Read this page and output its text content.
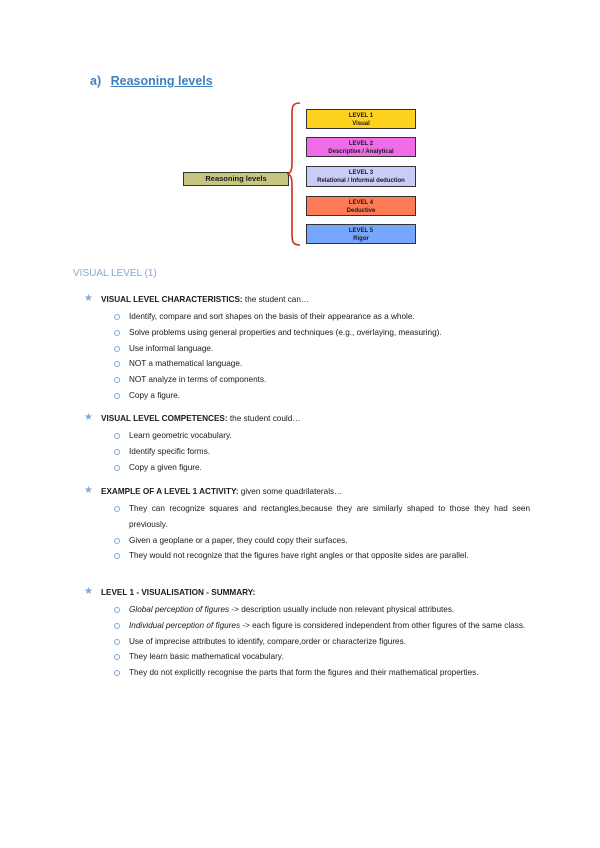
a) Reasoning levels
Reasoning levels
LEVEL 1
Visual
LEVEL 2
Descriptive / Analytical
LEVEL 3
Relational / Informal deduction
LEVEL 4
Deductive
LEVEL 5
Rigor
VISUAL LEVEL (1)
★ VISUAL LEVEL CHARACTERISTICS: the student can…
Identify, compare and sort shapes on the basis of their appearance as a whole.
Solve problems using general properties and techniques (e.g., overlaying, measuring).
Use informal language.
NOT a mathematical language.
NOT analyze in terms of components.
Copy a figure.
★ VISUAL LEVEL COMPETENCES: the student could…
Learn geometric vocabulary.
Identify specific forms.
Copy a given figure.
★ EXAMPLE OF A LEVEL 1 ACTIVITY: given some quadrilaterals…
They can recognize squares and rectangles,because they are similarly shaped to those they had seen previously.
Given a geoplane or a paper, they could copy their surfaces.
They would not recognize that the figures have right angles or that opposite sides are parallel.
★ LEVEL 1 - VISUALISATION - SUMMARY:
Global perception of figures -> description usually include non relevant physical attributes.
Individual perception of figures -> each figure is considered independent from other figures of the same class.
Use of imprecise attributes to identify, compare,order or characterize figures.
They learn basic mathematical vocabulary.
They do not explicitly recognise the parts that form the figures and their mathematical properties.
